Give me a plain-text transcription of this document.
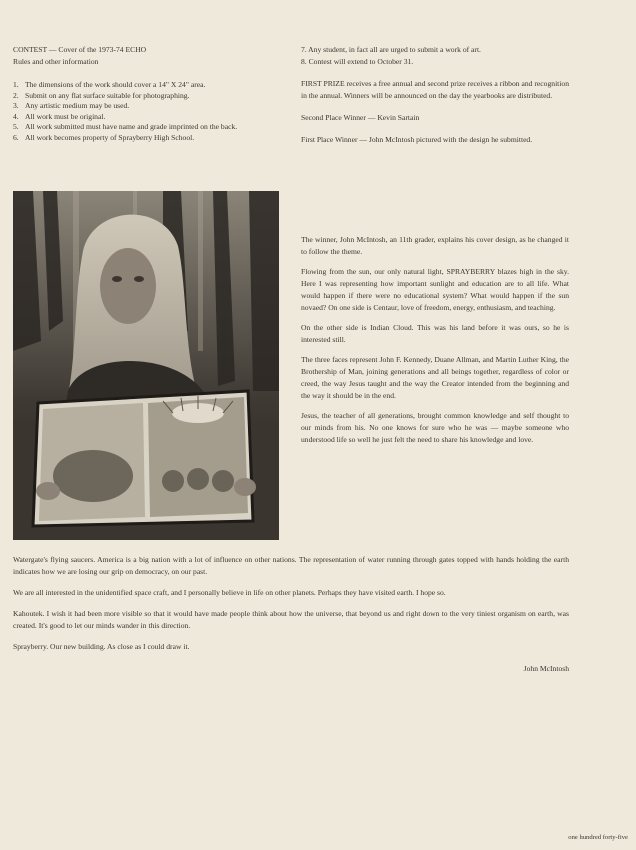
CONTEST — Cover of the 1973-74 ECHO

Rules and other information

1. The dimensions of the work should cover a 14" X 24" area.
2. Submit on any flat surface suitable for photographing.
3. Any artistic medium may be used.
4. All work must be original.
5. All work submitted must have name and grade imprinted on the back.
6. All work becomes property of Sprayberry High School.

7. Any student, in fact all are urged to submit a work of art.

8. Contest will extend to October 31.

FIRST PRIZE receives a free annual and second prize receives a ribbon and recognition in the annual. Winners will be announced on the day the yearbooks are distributed.

Second Place Winner — Kevin Sartain

First Place Winner — John McIntosh pictured with the design he submitted.

The winner, John McIntosh, an 11th grader, explains his cover design, as he changed it to follow the theme.

Flowing from the sun, our only natural light, SPRAYBERRY blazes high in the sky. Here I was representing how important sunlight and education are to all life. What would happen if there were no educational system? What would happen if the sun novaed? On one side is Centaur, love of freedom, energy, enthusiasm, and teaching.

On the other side is Indian Cloud. This was his land before it was ours, so he is interested still.

The three faces represent John F. Kennedy, Duane Allman, and Martin Luther King, the Brothership of Man, joining generations and all beings together, regardless of color or creed, the way Jesus taught and the way the Creator intended from the beginning and the way it should be in the end.

Jesus, the teacher of all generations, brought common knowledge and self thought to our minds from his. No one knows for sure who he was — maybe someone who understood life so well he just felt the need to share his knowledge and love.

Watergate's flying saucers. America is a big nation with a lot of influence on other nations. The representation of water running through gates topped with hands holding the earth indicates how we are losing our grip on democracy, on our past.

We are all interested in the unidentified space craft, and I personally believe in life on other planets. Perhaps they have visited earth. I hope so.

Kahoutek. I wish it had been more visible so that it would have made people think about how the universe, that beyond us and right down to the very tiniest organism on earth, was created. It's good to let our minds wander in this direction.

Sprayberry. Our new building. As close as I could draw it.

John McIntosh

one hundred forty-five
